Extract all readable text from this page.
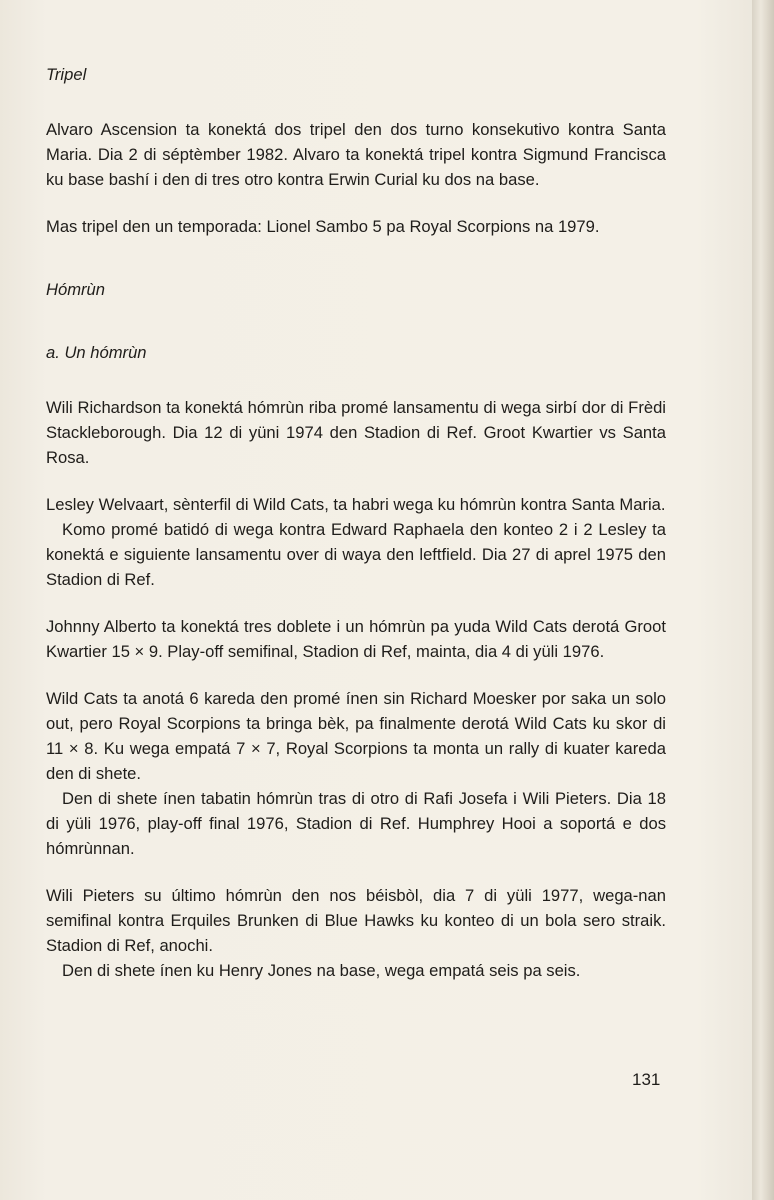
Tripel

Alvaro Ascension ta konektá dos tripel den dos turno konsekutivo kontra Santa Maria. Dia 2 di séptèmber 1982. Alvaro ta konektá tripel kontra Sigmund Francisca ku base bashí i den di tres otro kontra Erwin Curial ku dos na base.

Mas tripel den un temporada: Lionel Sambo 5 pa Royal Scorpions na 1979.

Hómrùn

a. Un hómrùn

Wili Richardson ta konektá hómrùn riba promé lansamentu di wega sirbí dor di Frèdi Stackleborough. Dia 12 di yüni 1974 den Stadion di Ref. Groot Kwartier vs Santa Rosa.

Lesley Welvaart, sènterfil di Wild Cats, ta habri wega ku hómrùn kontra Santa Maria.

Komo promé batidó di wega kontra Edward Raphaela den konteo 2 i 2 Lesley ta konektá e siguiente lansamentu over di waya den leftfield. Dia 27 di aprel 1975 den Stadion di Ref.

Johnny Alberto ta konektá tres doblete i un hómrùn pa yuda Wild Cats derotá Groot Kwartier 15 × 9. Play-off semifinal, Stadion di Ref, mainta, dia 4 di yüli 1976.

Wild Cats ta anotá 6 kareda den promé ínen sin Richard Moesker por saka un solo out, pero Royal Scorpions ta bringa bèk, pa finalmente derotá Wild Cats ku skor di 11 × 8. Ku wega empatá 7 × 7, Royal Scorpions ta monta un rally di kuater kareda den di shete.

Den di shete ínen tabatin hómrùn tras di otro di Rafi Josefa i Wili Pieters. Dia 18 di yüli 1976, play-off final 1976, Stadion di Ref. Humphrey Hooi a soportá e dos hómrùnnan.

Wili Pieters su último hómrùn den nos béisbòl, dia 7 di yüli 1977, wega-nan semifinal kontra Erquiles Brunken di Blue Hawks ku konteo di un bola sero straik. Stadion di Ref, anochi.

Den di shete ínen ku Henry Jones na base, wega empatá seis pa seis.

131
